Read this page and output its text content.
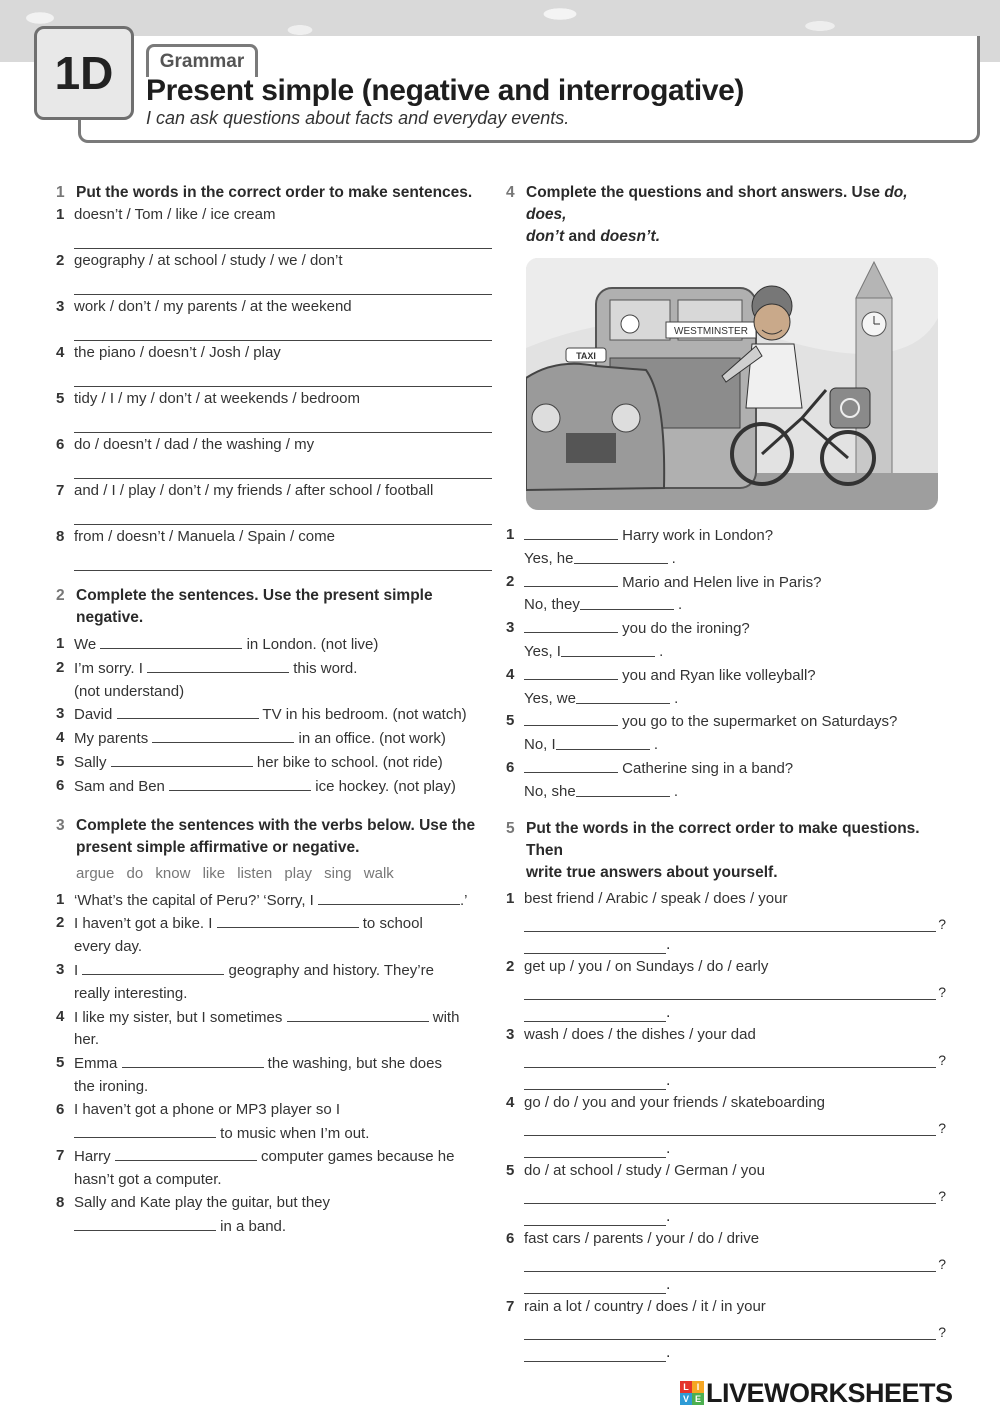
1D	Grammar
Present simple (negative and interrogative)
I can ask questions about facts and everyday events.
1 Put the words in the correct order to make sentences.
1 doesn’t / Tom / like / ice cream
2 geography / at school / study / we / don’t
3 work / don’t / my parents / at the weekend
4 the piano / doesn’t / Josh / play
5 tidy / I / my / don’t / at weekends / bedroom
6 do / doesn’t / dad / the washing / my
7 and / I / play / don’t / my friends / after school / football
8 from / doesn’t / Manuela / Spain / come
2 Complete the sentences. Use the present simple negative.
1 We	in London. (not live)
2 I’m sorry. I	this word.
(not understand)
3 David	TV in his bedroom. (not watch)
4 My parents	in an office. (not work)
5 Sally	her bike to school. (not ride)
6 Sam and Ben	ice hockey. (not play)
3 Complete the sentences with the verbs below. Use the
present simple affirmative or negative.
argue do know like listen play sing walk
1 ‘What’s the capital of Peru?’ ‘Sorry, I	.’
2 I haven’t got a bike. I	to school
every day.
3 I	geography and history. They’re
really interesting.
4 I like my sister, but I sometimes	with
her.
5 Emma	the washing, but she does
the ironing.
6 I haven’t got a phone or MP3 player so I
to music when I’m out.
7 Harry	computer games because he
hasn’t got a computer.
8 Sally and Kate play the guitar, but they
in a band.
4 Complete the questions and short answers. Use do, does,
don’t and doesn’t.
WESTMINSTER
TAXI
1	Harry work in London?
Yes, he	.
2	Mario and Helen live in Paris?
No, they	.
3	you do the ironing?
Yes, I	.
4	you and Ryan like volleyball?
Yes, we	.
5	you go to the supermarket on Saturdays?
No, I	.
6	Catherine sing in a band?
No, she	.
5 Put the words in the correct order to make questions. Then
write true answers about yourself.
1 best friend / Arabic / speak / does / your
?
.
2 get up / you / on Sundays / do / early
?
.
3 wash / does / the dishes / your dad
?
.
4 go / do / you and your friends / skateboarding
?
.
5 do / at school / study / German / you
?
.
6 fast cars / parents / your / do / drive
?
.
7 rain a lot / country / does / it / in your
?
.
L I
V E LIVEWORKSHEETS
